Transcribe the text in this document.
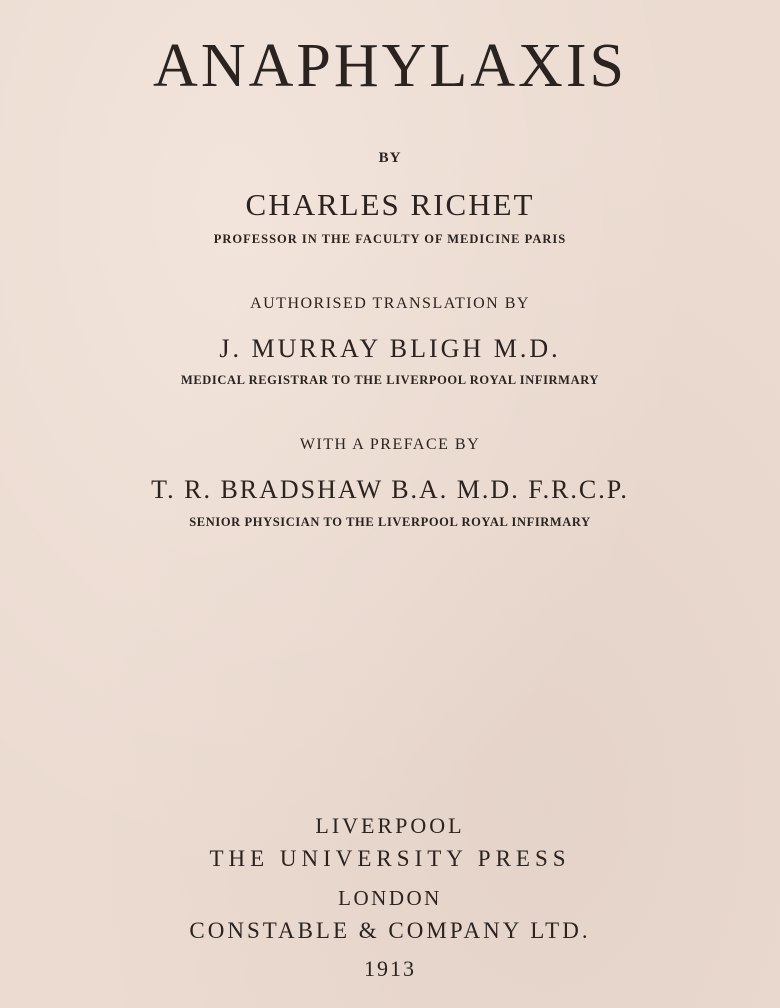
ANAPHYLAXIS
BY
CHARLES RICHET
PROFESSOR IN THE FACULTY OF MEDICINE PARIS
AUTHORISED TRANSLATION BY
J. MURRAY BLIGH M.D.
MEDICAL REGISTRAR TO THE LIVERPOOL ROYAL INFIRMARY
WITH A PREFACE BY
T. R. BRADSHAW B.A. M.D. F.R.C.P.
SENIOR PHYSICIAN TO THE LIVERPOOL ROYAL INFIRMARY
LIVERPOOL
THE UNIVERSITY PRESS
LONDON
CONSTABLE & COMPANY LTD.
1913
